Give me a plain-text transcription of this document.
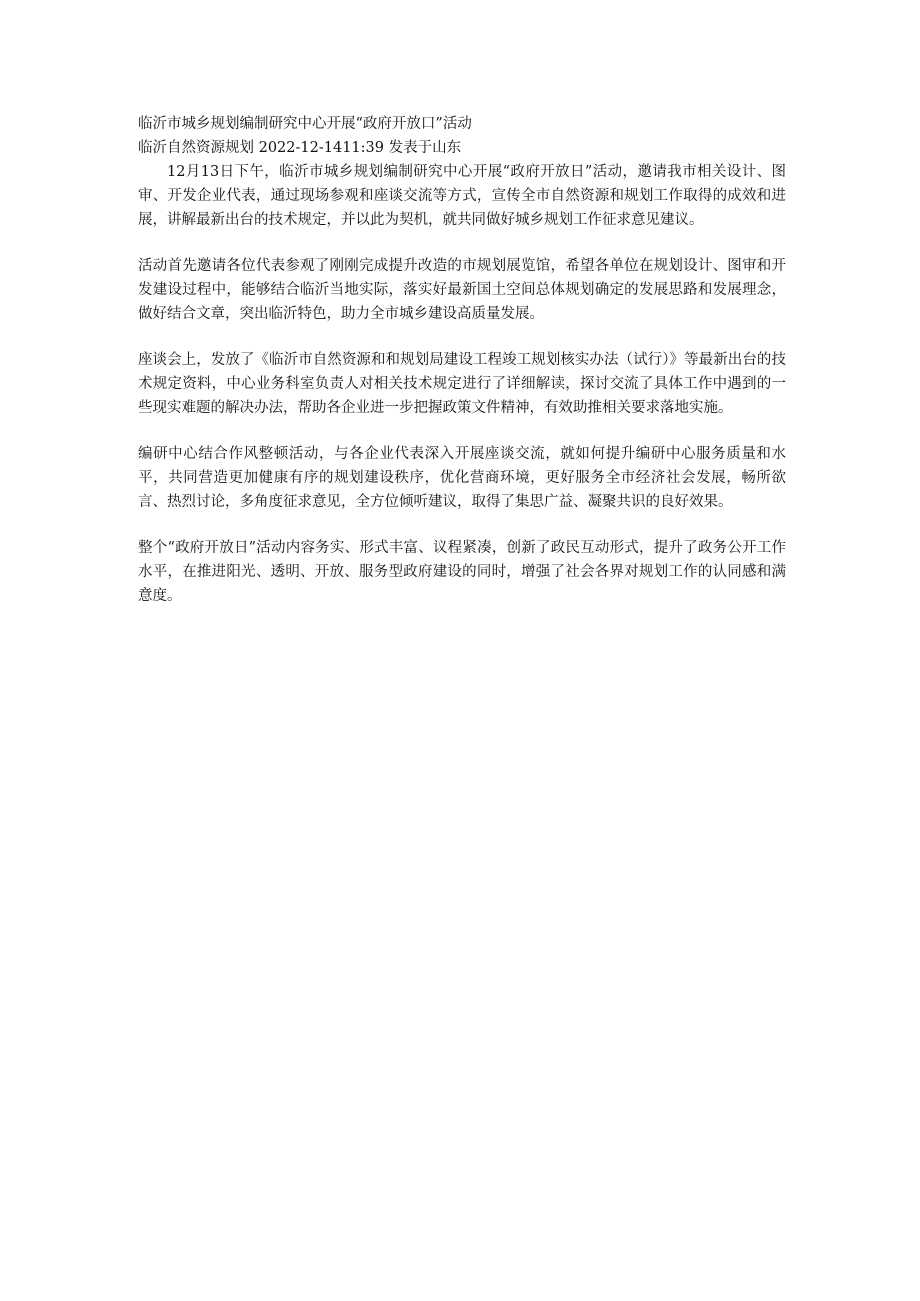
临沂市城乡规划编制研究中心开展“政府开放口”活动

临沂自然资源规划 2022-12-1411:39 发表于山东

12月13日下午，临沂市城乡规划编制研究中心开展“政府开放日”活动，邀请我市相关设计、图审、开发企业代表，通过现场参观和座谈交流等方式，宣传全市自然资源和规划工作取得的成效和进展，讲解最新出台的技术规定，并以此为契机，就共同做好城乡规划工作征求意见建议。

活动首先邀请各位代表参观了刚刚完成提升改造的市规划展览馆，希望各单位在规划设计、图审和开发建设过程中，能够结合临沂当地实际，落实好最新国土空间总体规划确定的发展思路和发展理念，做好结合文章，突出临沂特色，助力全市城乡建设高质量发展。

座谈会上，发放了《临沂市自然资源和和规划局建设工程竣工规划核实办法（试行）》等最新出台的技术规定资料，中心业务科室负责人对相关技术规定进行了详细解读，探讨交流了具体工作中遇到的一些现实难题的解决办法，帮助各企业进一步把握政策文件精神，有效助推相关要求落地实施。

编研中心结合作风整顿活动，与各企业代表深入开展座谈交流，就如何提升编研中心服务质量和水平，共同营造更加健康有序的规划建设秩序，优化营商环境，更好服务全市经济社会发展，畅所欲言、热烈讨论，多角度征求意见，全方位倾听建议，取得了集思广益、凝聚共识的良好效果。

整个“政府开放日”活动内容务实、形式丰富、议程紧凑，创新了政民互动形式，提升了政务公开工作水平，在推进阳光、透明、开放、服务型政府建设的同时，增强了社会各界对规划工作的认同感和满意度。
